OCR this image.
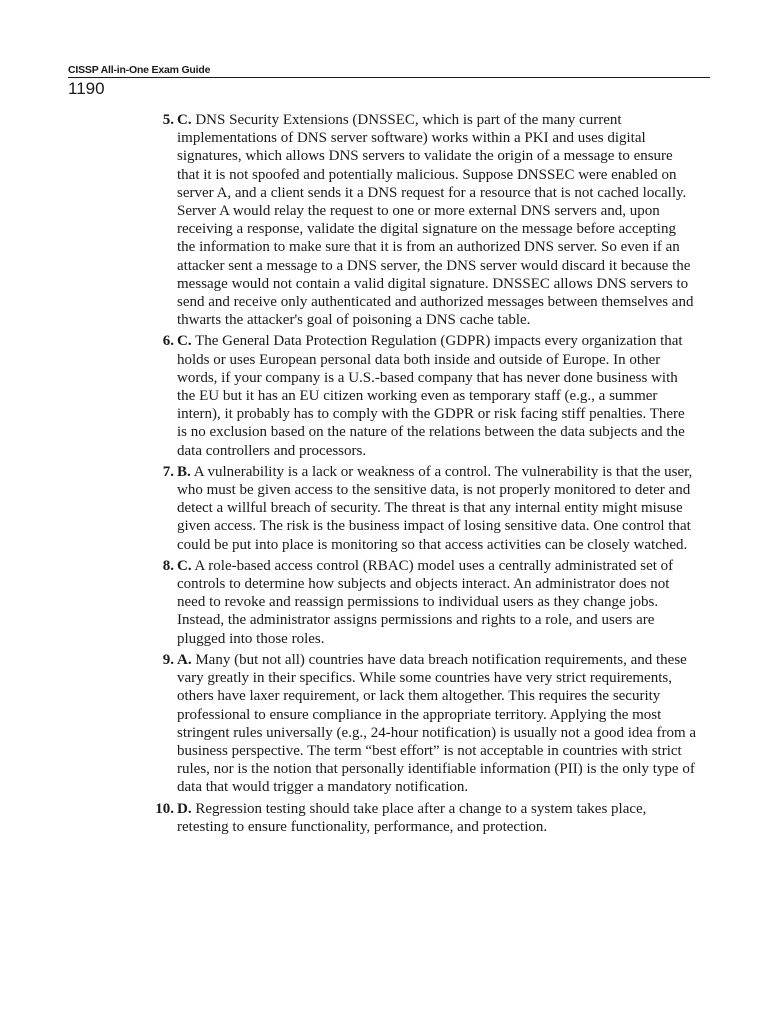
CISSP All-in-One Exam Guide
1190
5. C. DNS Security Extensions (DNSSEC, which is part of the many current implementations of DNS server software) works within a PKI and uses digital signatures, which allows DNS servers to validate the origin of a message to ensure that it is not spoofed and potentially malicious. Suppose DNSSEC were enabled on server A, and a client sends it a DNS request for a resource that is not cached locally. Server A would relay the request to one or more external DNS servers and, upon receiving a response, validate the digital signature on the message before accepting the information to make sure that it is from an authorized DNS server. So even if an attacker sent a message to a DNS server, the DNS server would discard it because the message would not contain a valid digital signature. DNSSEC allows DNS servers to send and receive only authenticated and authorized messages between themselves and thwarts the attacker's goal of poisoning a DNS cache table.
6. C. The General Data Protection Regulation (GDPR) impacts every organization that holds or uses European personal data both inside and outside of Europe. In other words, if your company is a U.S.-based company that has never done business with the EU but it has an EU citizen working even as temporary staff (e.g., a summer intern), it probably has to comply with the GDPR or risk facing stiff penalties. There is no exclusion based on the nature of the relations between the data subjects and the data controllers and processors.
7. B. A vulnerability is a lack or weakness of a control. The vulnerability is that the user, who must be given access to the sensitive data, is not properly monitored to deter and detect a willful breach of security. The threat is that any internal entity might misuse given access. The risk is the business impact of losing sensitive data. One control that could be put into place is monitoring so that access activities can be closely watched.
8. C. A role-based access control (RBAC) model uses a centrally administrated set of controls to determine how subjects and objects interact. An administrator does not need to revoke and reassign permissions to individual users as they change jobs. Instead, the administrator assigns permissions and rights to a role, and users are plugged into those roles.
9. A. Many (but not all) countries have data breach notification requirements, and these vary greatly in their specifics. While some countries have very strict requirements, others have laxer requirement, or lack them altogether. This requires the security professional to ensure compliance in the appropriate territory. Applying the most stringent rules universally (e.g., 24-hour notification) is usually not a good idea from a business perspective. The term “best effort” is not acceptable in countries with strict rules, nor is the notion that personally identifiable information (PII) is the only type of data that would trigger a mandatory notification.
10. D. Regression testing should take place after a change to a system takes place, retesting to ensure functionality, performance, and protection.
